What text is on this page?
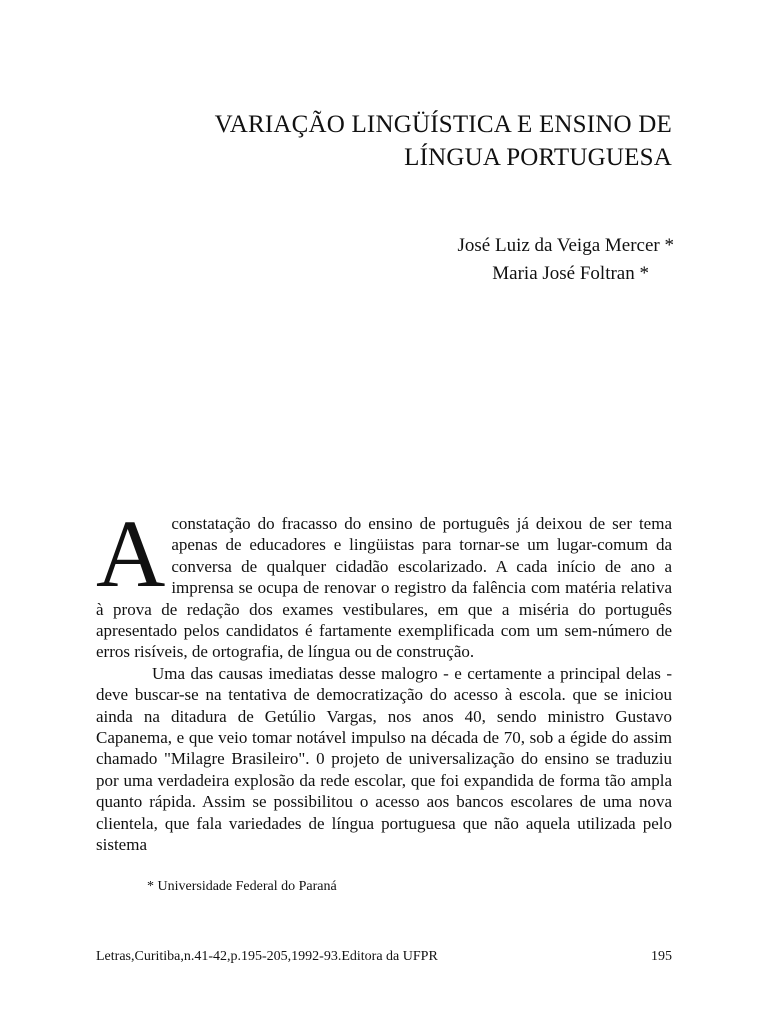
VARIAÇÃO LINGÜÍSTICA E ENSINO DE
LÍNGUA PORTUGUESA
José Luiz da Veiga Mercer *
Maria José Foltran *

Aconstatação do fracasso do ensino de português já deixou de ser tema apenas de educadores e lingüistas para tornar-se um lugar-comum da conversa de qualquer cidadão escolarizado. A cada início de ano a imprensa se ocupa de renovar o registro da falência com matéria relativa à prova de redação dos exames vestibulares, em que a miséria do português apresentado pelos candidatos é fartamente exemplificada com um sem-número de erros risíveis, de ortografia, de língua ou de construção.

Uma das causas imediatas desse malogro - e certamente a principal delas - deve buscar-se na tentativa de democratização do acesso à escola. que se iniciou ainda na ditadura de Getúlio Vargas, nos anos 40, sendo ministro Gustavo Capanema, e que veio tomar notável impulso na década de 70, sob a égide do assim chamado "Milagre Brasileiro". 0 projeto de universalização do ensino se traduziu por uma verdadeira explosão da rede escolar, que foi expandida de forma tão ampla quanto rápida. Assim se possibilitou o acesso aos bancos escolares de uma nova clientela, que fala variedades de língua portuguesa que não aquela utilizada pelo sistema

* Universidade Federal do Paraná
Letras,Curitiba,n.41-42,p.195-205,1992-93.Editora da UFPR	195
